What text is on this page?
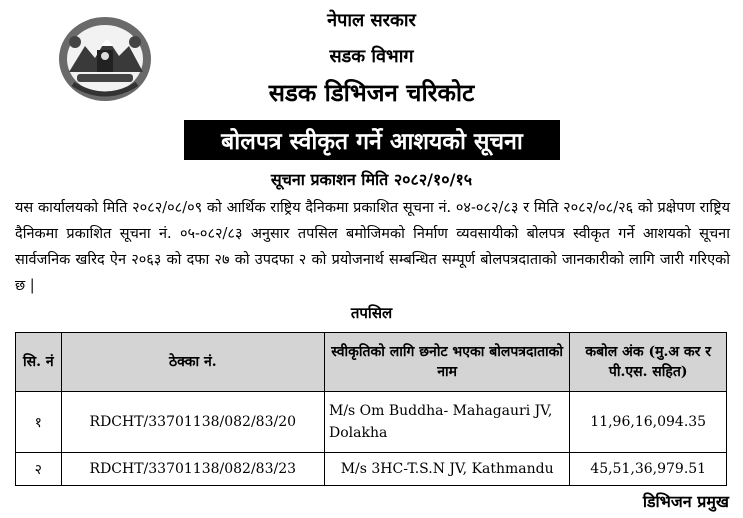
नेपाल सरकार
सडक विभाग
सडक डिभिजन चरिकोट
बोलपत्र स्वीकृत गर्ने आशयको सूचना
सूचना प्रकाशन मिति २०८२/१०/१५
यस कार्यालयको मिति २०८२/०८/०९ को आर्थिक राष्ट्रिय दैनिकमा प्रकाशित सूचना नं. ०४-०८२/८३ र मिति २०८२/०८/२६ को प्रक्षेपण राष्ट्रिय दैनिकमा प्रकाशित सूचना नं. ०५-०८२/८३ अनुसार तपसिल बमोजिमको निर्माण व्यवसायीको बोलपत्र स्वीकृत गर्ने आशयको सूचना सार्वजनिक खरिद ऐन २०६३ को दफा २७ को उपदफा २ को प्रयोजनार्थ सम्बन्धित सम्पूर्ण बोलपत्रदाताको जानकारीको लागि जारी गरिएको छ |
तपसिल
सि. नं	ठेक्का नं.	स्वीकृतिको लागि छनोट भएका बोलपत्रदाताको नाम	कबोल अंक (मु.अ कर र पी.एस. सहित)
१	RDCHT/33701138/082/83/20	M/s Om Buddha- Mahagauri JV, Dolakha	11,96,16,094.35
२	RDCHT/33701138/082/83/23	M/s 3HC-T.S.N JV, Kathmandu	45,51,36,979.51
डिभिजन प्रमुख
